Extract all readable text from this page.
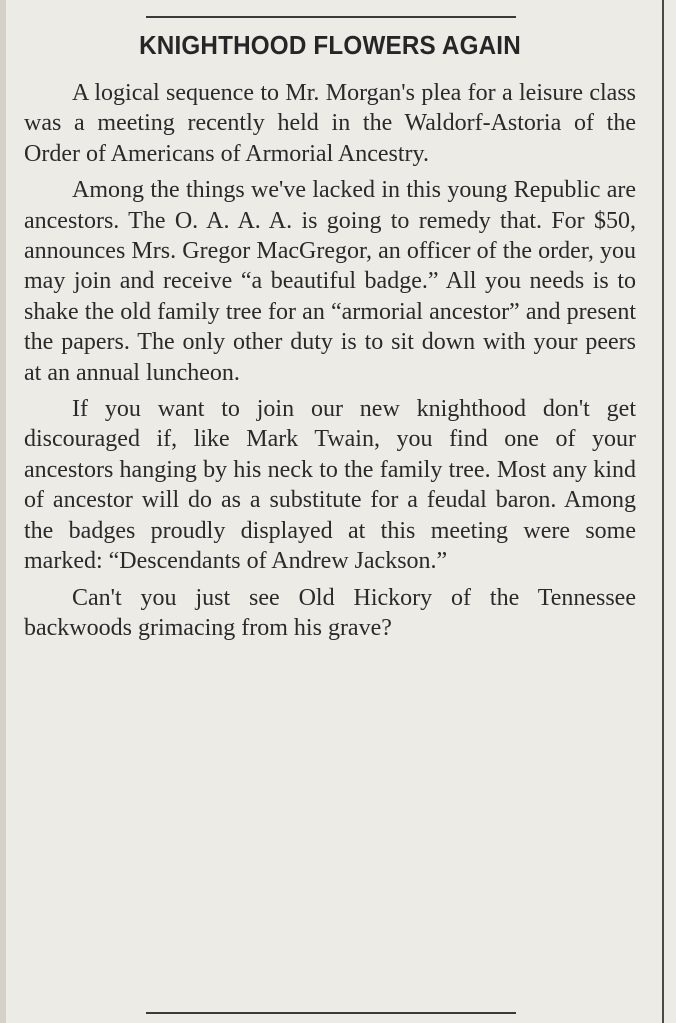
KNIGHTHOOD FLOWERS AGAIN

A logical sequence to Mr. Morgan's plea for a leisure class was a meeting recently held in the Waldorf-Astoria of the Order of Americans of Armorial Ancestry.

Among the things we've lacked in this young Republic are ancestors. The O. A. A. A. is going to remedy that. For $50, announces Mrs. Gregor MacGregor, an officer of the order, you may join and receive “a beautiful badge.” All you needs is to shake the old family tree for an “armorial ancestor” and present the papers. The only other duty is to sit down with your peers at an annual luncheon.

If you want to join our new knighthood don't get discouraged if, like Mark Twain, you find one of your ancestors hanging by his neck to the family tree. Most any kind of ancestor will do as a substitute for a feudal baron. Among the badges proudly displayed at this meeting were some marked: “Descendants of Andrew Jackson.”

Can't you just see Old Hickory of the Tennessee backwoods grimacing from his grave?
